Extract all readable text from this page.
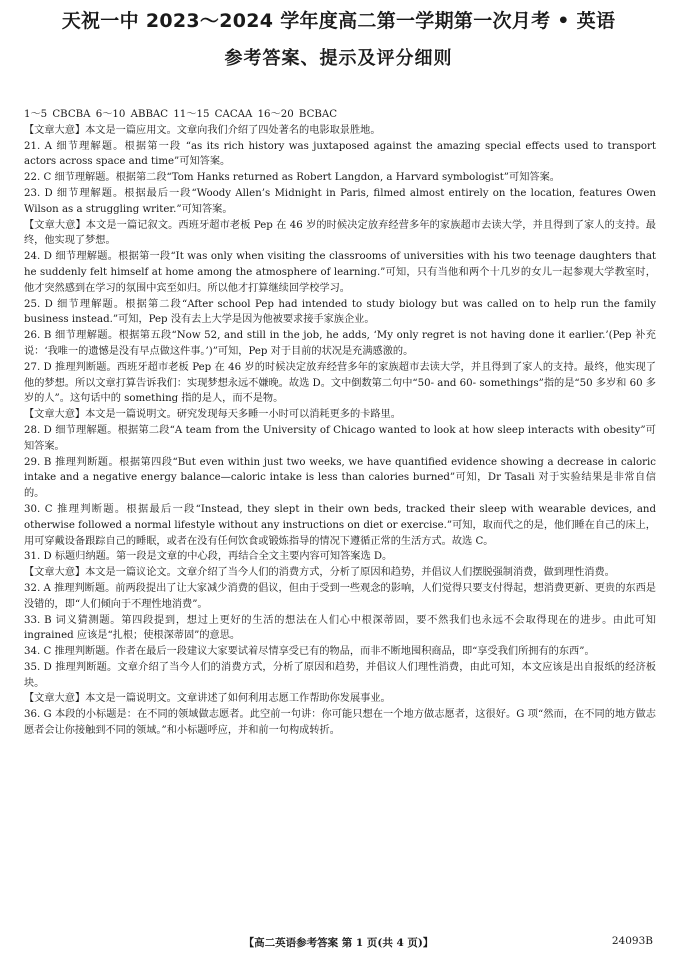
天祝一中 2023～2024 学年度高二第一学期第一次月考 • 英语
参考答案、提示及评分细则

1～5 CBCBA 6～10 ABBAC 11～15 CACAA 16～20 BCBAC

【文章大意】本文是一篇应用文。文章向我们介绍了四处著名的电影取景胜地。

21. A 细节理解题。根据第一段 “as its rich history was juxtaposed against the amazing special effects used to transport actors across space and time”可知答案。

22. C 细节理解题。根据第二段“Tom Hanks returned as Robert Langdon, a Harvard symbologist”可知答案。

23. D 细节理解题。根据最后一段“Woody Allen’s Midnight in Paris, filmed almost entirely on the location, features Owen Wilson as a struggling writer.”可知答案。

【文章大意】本文是一篇记叙文。西班牙超市老板 Pep 在 46 岁的时候决定放弃经营多年的家族超市去读大学，并且得到了家人的支持。最终，他实现了梦想。

24. D 细节理解题。根据第一段“It was only when visiting the classrooms of universities with his two teenage daughters that he suddenly felt himself at home among the atmosphere of learning.”可知，只有当他和两个十几岁的女儿一起参观大学教室时，他才突然感到在学习的氛围中宾至如归。所以他才打算继续回学校学习。

25. D 细节理解题。根据第二段“After school Pep had intended to study biology but was called on to help run the family business instead.”可知，Pep 没有去上大学是因为他被要求接手家族企业。

26. B 细节理解题。根据第五段“Now 52, and still in the job, he adds, ‘My only regret is not having done it earlier.’(Pep 补充说：‘我唯一的遗憾是没有早点做这件事。’)”可知，Pep 对于目前的状况是充满感激的。

27. D 推理判断题。西班牙超市老板 Pep 在 46 岁的时候决定放弃经营多年的家族超市去读大学，并且得到了家人的支持。最终，他实现了他的梦想。所以文章打算告诉我们：实现梦想永远不嫌晚。故选 D。文中倒数第二句中“50- and 60- somethings”指的是“50 多岁和 60 多岁的人”。这句话中的 something 指的是人，而不是物。

【文章大意】本文是一篇说明文。研究发现每天多睡一小时可以消耗更多的卡路里。

28. D 细节理解题。根据第二段“A team from the University of Chicago wanted to look at how sleep interacts with obesity”可知答案。

29. B 推理判断题。根据第四段“But even within just two weeks, we have quantified evidence showing a decrease in caloric intake and a negative energy balance—caloric intake is less than calories burned”可知，Dr Tasali 对于实验结果是非常自信的。

30. C 推理判断题。根据最后一段“Instead, they slept in their own beds, tracked their sleep with wearable devices, and otherwise followed a normal lifestyle without any instructions on diet or exercise.”可知，取而代之的是，他们睡在自己的床上，用可穿戴设备跟踪自己的睡眠，或者在没有任何饮食或锻炼指导的情况下遵循正常的生活方式。故选 C。

31. D 标题归纳题。第一段是文章的中心段，再结合全文主要内容可知答案选 D。

【文章大意】本文是一篇议论文。文章介绍了当今人们的消费方式，分析了原因和趋势，并倡议人们摆脱强制消费，做到理性消费。

32. A 推理判断题。前两段提出了让大家减少消费的倡议，但由于受到一些观念的影响，人们觉得只要支付得起，想消费更新、更贵的东西是没错的，即“人们倾向于不理性地消费”。

33. B 词义猜测题。第四段提到，想过上更好的生活的想法在人们心中根深蒂固，要不然我们也永远不会取得现在的进步。由此可知 ingrained 应该是“扎根；使根深蒂固”的意思。

34. C 推理判断题。作者在最后一段建议大家要试着尽情享受已有的物品，而非不断地囤积商品，即“享受我们所拥有的东西”。

35. D 推理判断题。文章介绍了当今人们的消费方式，分析了原因和趋势，并倡议人们理性消费，由此可知，本文应该是出自报纸的经济板块。

【文章大意】本文是一篇说明文。文章讲述了如何利用志愿工作帮助你发展事业。

36. G 本段的小标题是：在不同的领域做志愿者。此空前一句讲：你可能只想在一个地方做志愿者，这很好。G 项“然而，在不同的地方做志愿者会让你接触到不同的领域。”和小标题呼应，并和前一句构成转折。

【高二英语参考答案 第 1 页(共 4 页)】	24093B
